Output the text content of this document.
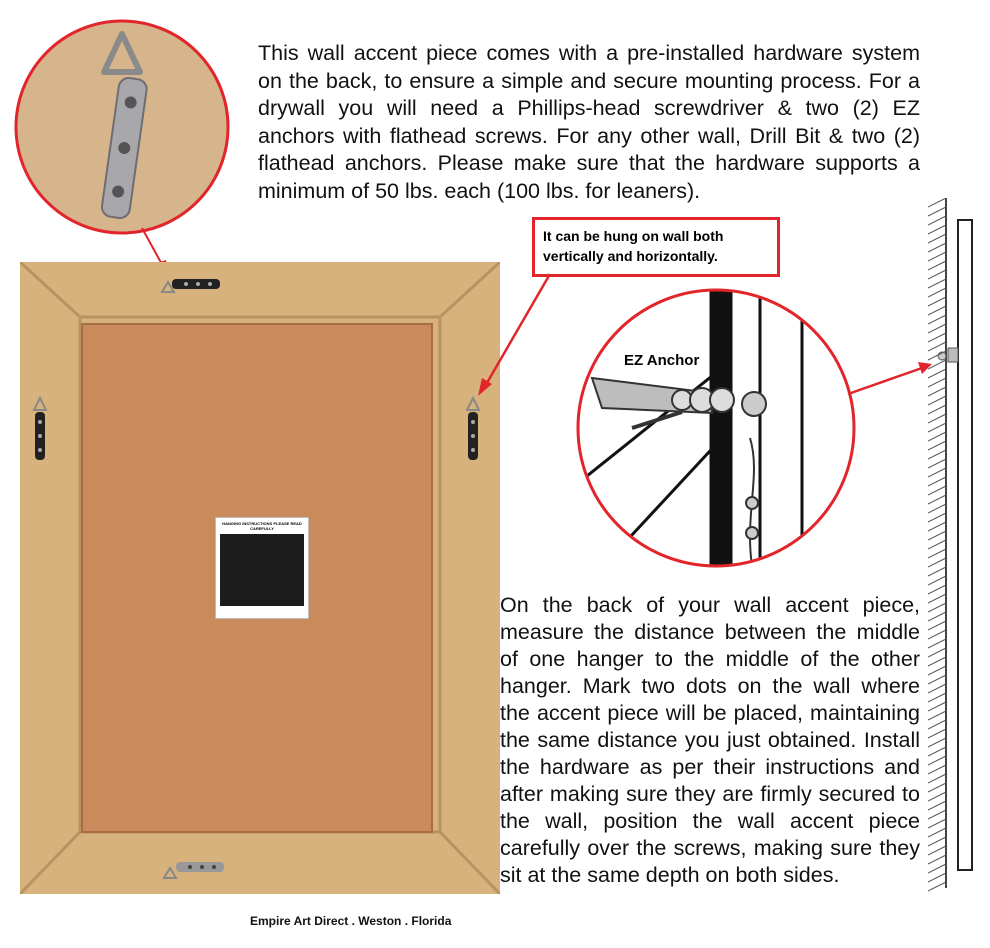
This wall accent piece comes with a pre-installed hardware system on the back, to ensure a simple and secure mounting process. For a drywall you will need a Phillips-head screwdriver & two (2) EZ anchors with flathead screws. For any other wall, Drill Bit & two (2) flathead anchors. Please make sure that the hardware supports a minimum of 50 lbs. each (100 lbs. for leaners).
HANGING INSTRUCTIONS PLEASE READ CAREFULLY
It can be hung on wall both vertically and horizontally.
EZ Anchor
On the back of your wall accent piece, measure the distance between the middle of one hanger to the middle of the other hanger. Mark two dots on the wall where the accent piece will be placed, maintaining the same distance you just obtained. Install the hardware as per their instructions and after making sure they are firmly secured to the wall, position the wall accent piece carefully over the screws, making sure they sit at the same depth on both sides.
Empire Art Direct . Weston . Florida
